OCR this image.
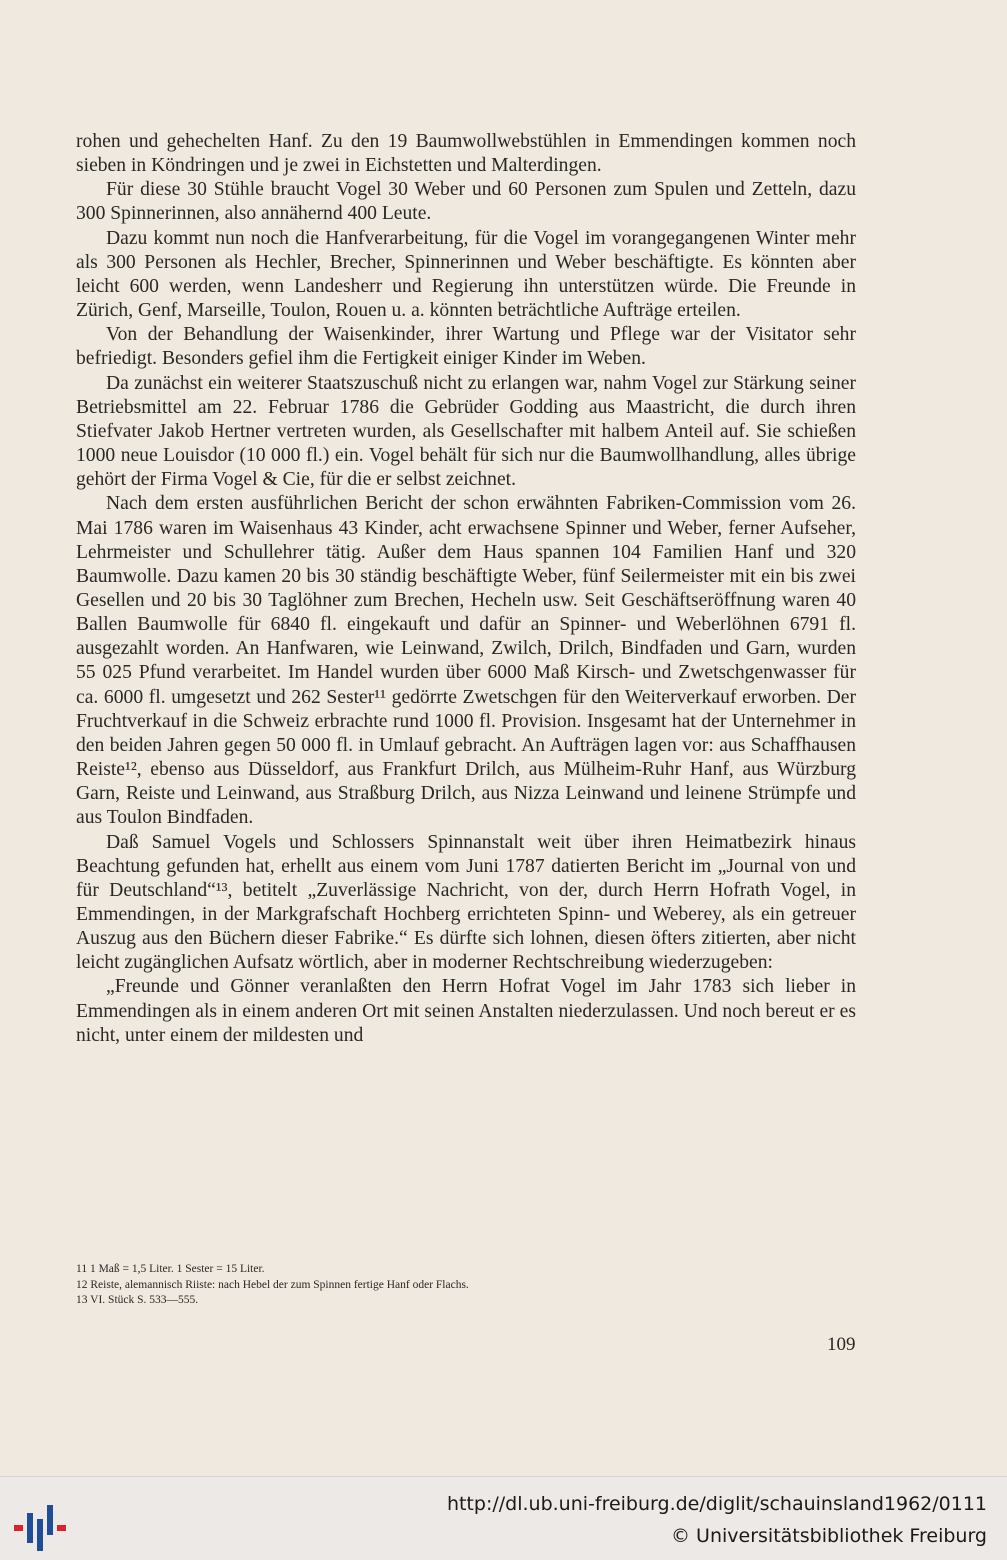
rohen und gehechelten Hanf. Zu den 19 Baumwollwebstühlen in Emmendingen kommen noch sieben in Köndringen und je zwei in Eichstetten und Malterdingen.

Für diese 30 Stühle braucht Vogel 30 Weber und 60 Personen zum Spulen und Zetteln, dazu 300 Spinnerinnen, also annähernd 400 Leute.

Dazu kommt nun noch die Hanfverarbeitung, für die Vogel im vorangegangenen Winter mehr als 300 Personen als Hechler, Brecher, Spinnerinnen und Weber beschäftigte. Es könnten aber leicht 600 werden, wenn Landesherr und Regierung ihn unterstützen würde. Die Freunde in Zürich, Genf, Marseille, Toulon, Rouen u. a. könnten beträchtliche Aufträge erteilen.

Von der Behandlung der Waisenkinder, ihrer Wartung und Pflege war der Visitator sehr befriedigt. Besonders gefiel ihm die Fertigkeit einiger Kinder im Weben.

Da zunächst ein weiterer Staatszuschuß nicht zu erlangen war, nahm Vogel zur Stärkung seiner Betriebsmittel am 22. Februar 1786 die Gebrüder Godding aus Maastricht, die durch ihren Stiefvater Jakob Hertner vertreten wurden, als Gesellschafter mit halbem Anteil auf. Sie schießen 1000 neue Louisdor (10 000 fl.) ein. Vogel behält für sich nur die Baumwollhandlung, alles übrige gehört der Firma Vogel & Cie, für die er selbst zeichnet.

Nach dem ersten ausführlichen Bericht der schon erwähnten Fabriken-Commission vom 26. Mai 1786 waren im Waisenhaus 43 Kinder, acht erwachsene Spinner und Weber, ferner Aufseher, Lehrmeister und Schullehrer tätig. Außer dem Haus spannen 104 Familien Hanf und 320 Baumwolle. Dazu kamen 20 bis 30 ständig beschäftigte Weber, fünf Seilermeister mit ein bis zwei Gesellen und 20 bis 30 Taglöhner zum Brechen, Hecheln usw. Seit Geschäftseröffnung waren 40 Ballen Baumwolle für 6840 fl. eingekauft und dafür an Spinner- und Weberlöhnen 6791 fl. ausgezahlt worden. An Hanfwaren, wie Leinwand, Zwilch, Drilch, Bindfaden und Garn, wurden 55 025 Pfund verarbeitet. Im Handel wurden über 6000 Maß Kirsch- und Zwetschgenwasser für ca. 6000 fl. umgesetzt und 262 Sester¹¹ gedörrte Zwetschgen für den Weiterverkauf erworben. Der Fruchtverkauf in die Schweiz erbrachte rund 1000 fl. Provision. Insgesamt hat der Unternehmer in den beiden Jahren gegen 50 000 fl. in Umlauf gebracht. An Aufträgen lagen vor: aus Schaffhausen Reiste¹², ebenso aus Düsseldorf, aus Frankfurt Drilch, aus Mülheim-Ruhr Hanf, aus Würzburg Garn, Reiste und Leinwand, aus Straßburg Drilch, aus Nizza Leinwand und leinene Strümpfe und aus Toulon Bindfaden.

Daß Samuel Vogels und Schlossers Spinnanstalt weit über ihren Heimatbezirk hinaus Beachtung gefunden hat, erhellt aus einem vom Juni 1787 datierten Bericht im „Journal von und für Deutschland“¹³, betitelt „Zuverlässige Nachricht, von der, durch Herrn Hofrath Vogel, in Emmendingen, in der Markgrafschaft Hochberg errichteten Spinn- und Weberey, als ein getreuer Auszug aus den Büchern dieser Fabrike.“ Es dürfte sich lohnen, diesen öfters zitierten, aber nicht leicht zugänglichen Aufsatz wörtlich, aber in moderner Rechtschreibung wiederzugeben:

„Freunde und Gönner veranlaßten den Herrn Hofrat Vogel im Jahr 1783 sich lieber in Emmendingen als in einem anderen Ort mit seinen Anstalten niederzulassen. Und noch bereut er es nicht, unter einem der mildesten und

11 1 Maß = 1,5 Liter. 1 Sester = 15 Liter.
12 Reiste, alemannisch Riiste: nach Hebel der zum Spinnen fertige Hanf oder Flachs.
13 VI. Stück S. 533—555.
109
http://dl.ub.uni-freiburg.de/diglit/schauinsland1962/0111
© Universitätsbibliothek Freiburg
